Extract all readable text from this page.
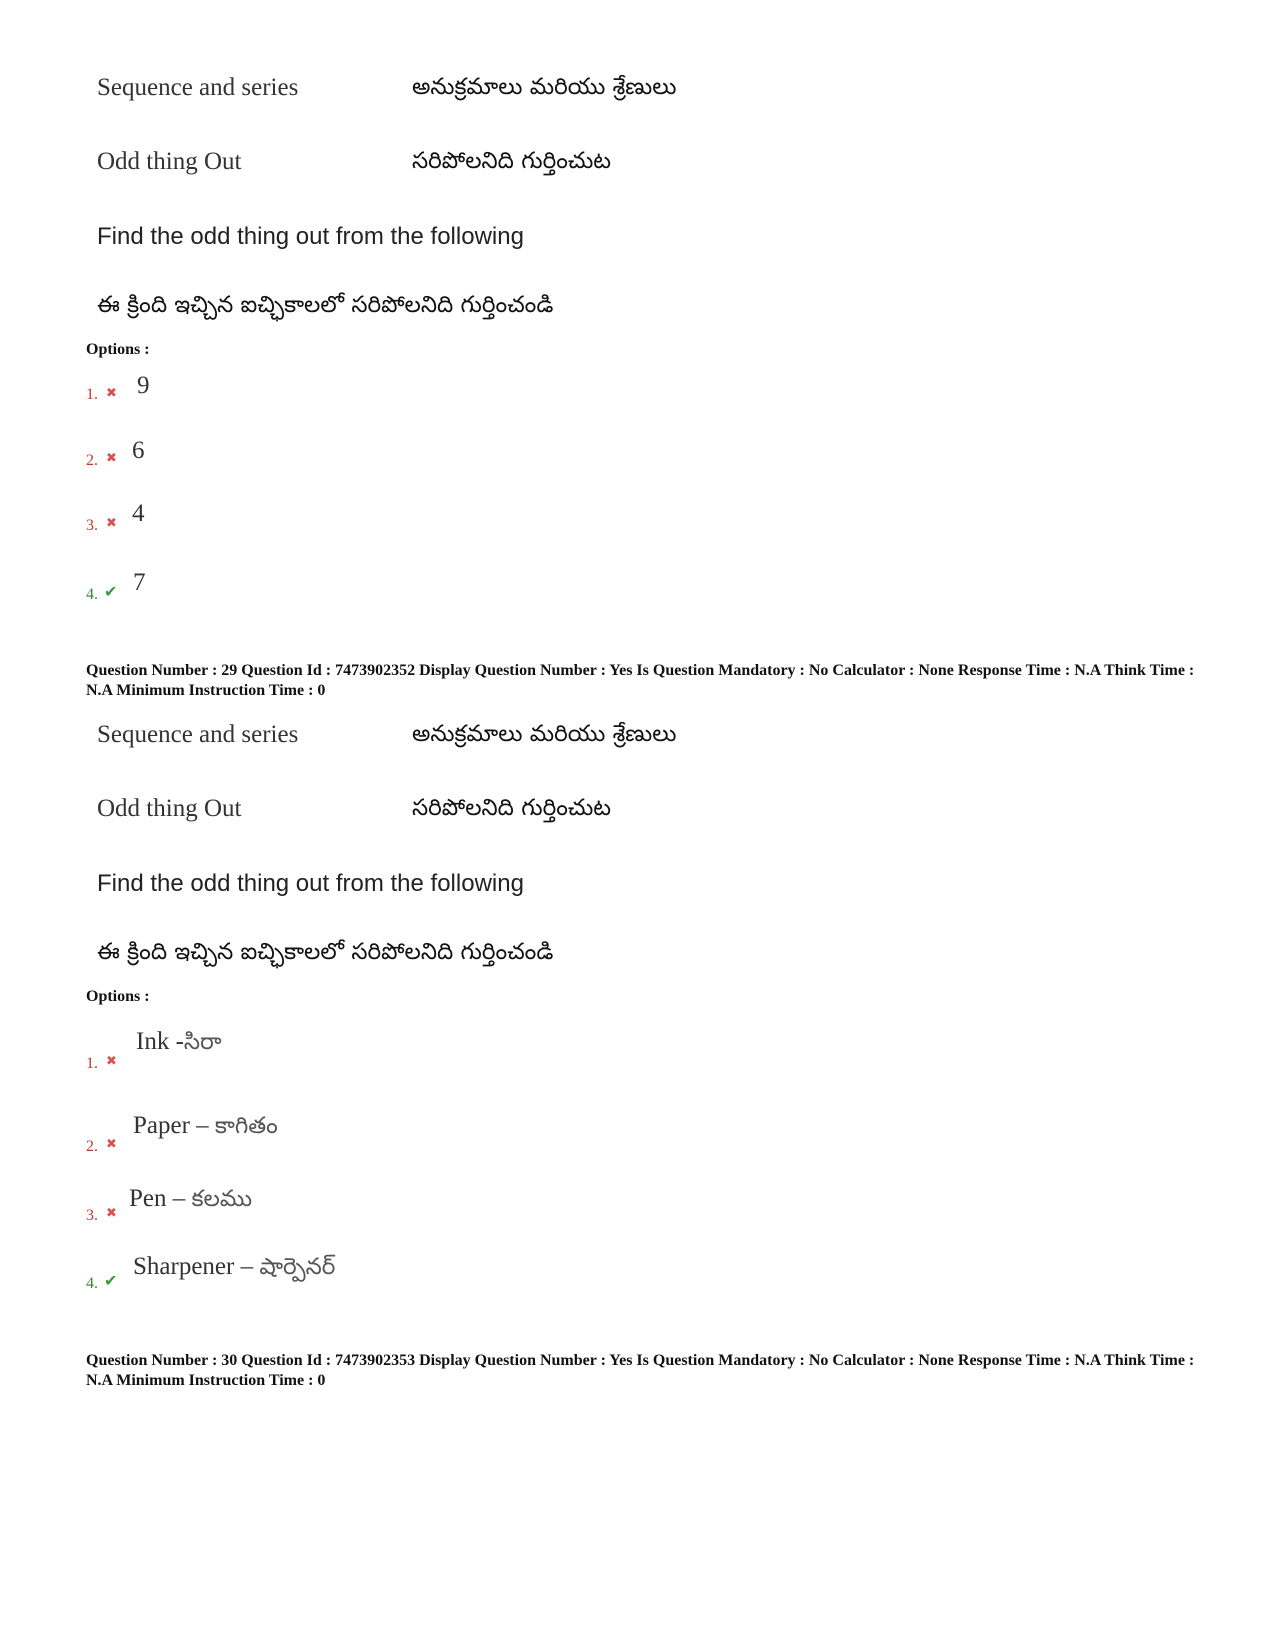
Sequence and series	అనుక్రమాలు మరియు శ్రేణులు
Odd thing Out	సరిపోలనిది గుర్తించుట
Find the odd thing out from the following
ఈ క్రింది ఇచ్చిన ఐచ్ఛికాలలో సరిపోలనిది గుర్తించండి
Options :
1. ✖ 9
2. ✖ 6
3. ✖ 4
4. ✔ 7
Question Number : 29 Question Id : 7473902352 Display Question Number : Yes Is Question Mandatory : No Calculator : None Response Time : N.A Think Time : N.A Minimum Instruction Time : 0
Sequence and series	అనుక్రమాలు మరియు శ్రేణులు
Odd thing Out	సరిపోలనిది గుర్తించుట
Find the odd thing out from the following
ఈ క్రింది ఇచ్చిన ఐచ్ఛికాలలో సరిపోలనిది గుర్తించండి
Options :
1. ✖
Ink -సిరా
2. ✖
Paper – కాగితం
3. ✖
Pen – కలము
4. ✔
Sharpener – షార్పెనర్
Question Number : 30 Question Id : 7473902353 Display Question Number : Yes Is Question Mandatory : No Calculator : None Response Time : N.A Think Time : N.A Minimum Instruction Time : 0
